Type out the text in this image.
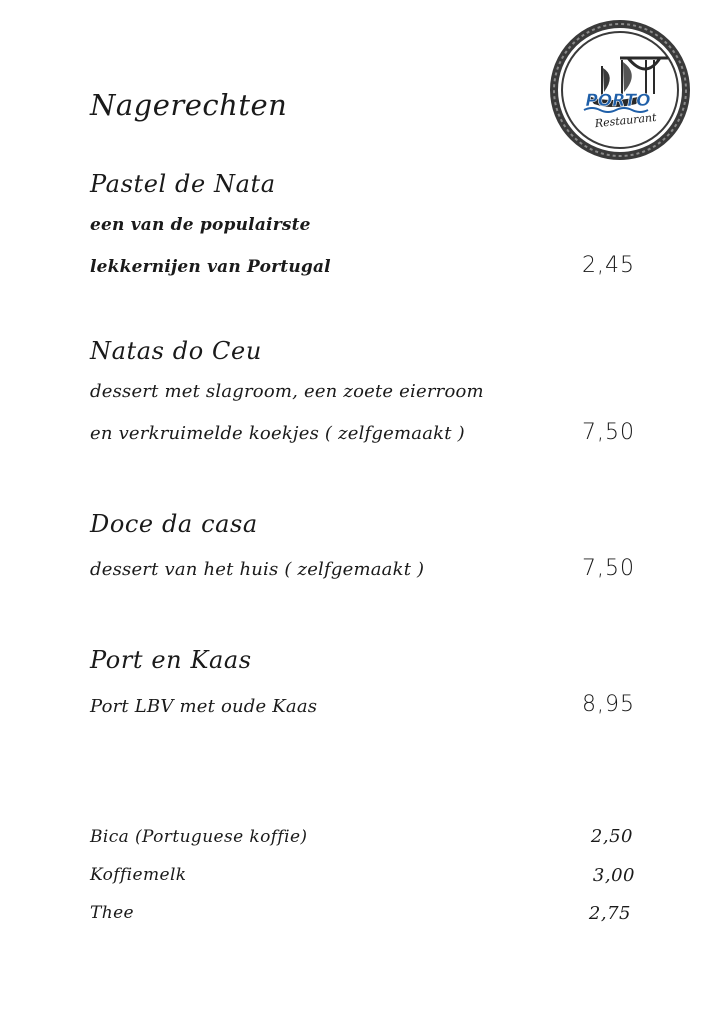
PORTO
Restaurant
Nagerechten
Pastel de Nata
een van de populairste
lekkernijen van Portugal	2,45
Natas do Ceu
dessert met slagroom, een zoete eierroom
en verkruimelde koekjes ( zelfgemaakt )	7,50
Doce da casa
dessert van het huis ( zelfgemaakt )	7,50
Port en Kaas
Port LBV met oude Kaas	8,95
Bica (Portuguese koffie)	2,50
Koffiemelk	3,00
Thee	2,75
